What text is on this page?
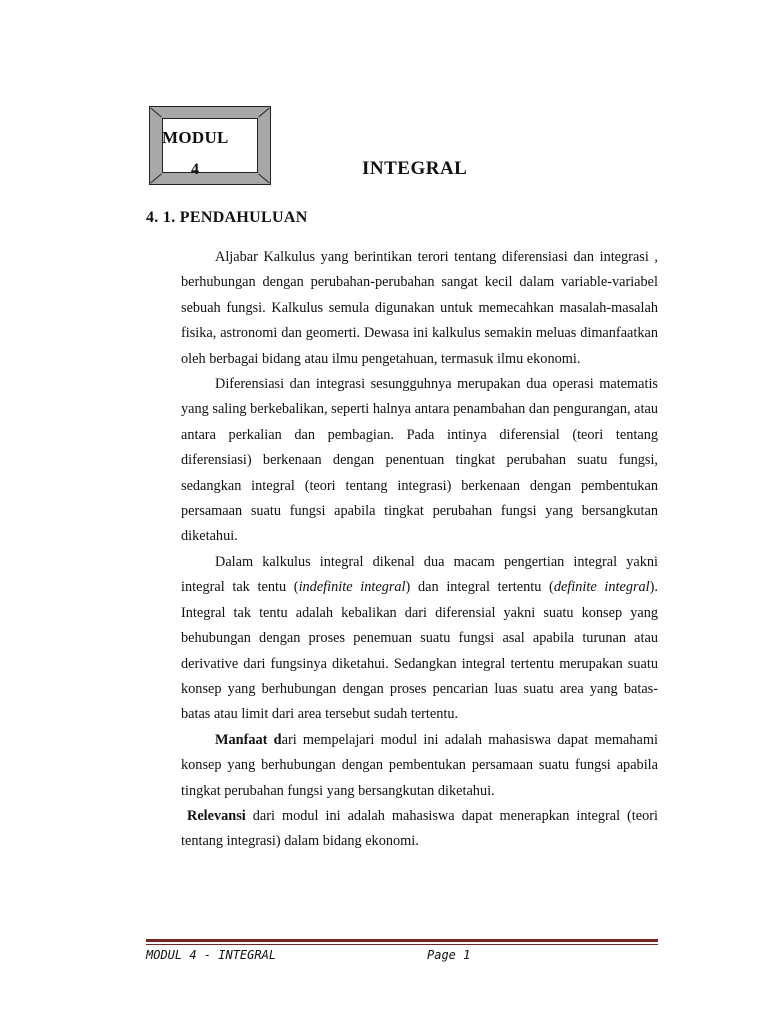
MODUL
4	INTEGRAL
4. 1. PENDAHULUAN

Aljabar Kalkulus yang berintikan terori tentang diferensiasi dan integrasi , berhubungan dengan perubahan-perubahan sangat kecil dalam variable-variabel sebuah fungsi. Kalkulus semula digunakan untuk memecahkan masalah-masalah fisika, astronomi dan geomerti. Dewasa ini kalkulus semakin meluas dimanfaatkan oleh berbagai bidang atau ilmu pengetahuan, termasuk ilmu ekonomi.

Diferensiasi dan integrasi sesungguhnya merupakan dua operasi matematis yang saling berkebalikan, seperti halnya antara penambahan dan pengurangan, atau antara perkalian dan pembagian. Pada intinya diferensial (teori tentang diferensiasi) berkenaan dengan penentuan tingkat perubahan suatu fungsi, sedangkan integral (teori tentang integrasi) berkenaan dengan pembentukan persamaan suatu fungsi apabila tingkat perubahan fungsi yang bersangkutan diketahui.

Dalam kalkulus integral dikenal dua macam pengertian integral yakni integral tak tentu (indefinite integral) dan integral tertentu (definite integral). Integral tak tentu adalah kebalikan dari diferensial yakni suatu konsep yang behubungan dengan proses penemuan suatu fungsi asal apabila turunan atau derivative dari fungsinya diketahui. Sedangkan integral tertentu merupakan suatu konsep yang berhubungan dengan proses pencarian luas suatu area yang batas-batas atau limit dari area tersebut sudah tertentu.

Manfaat dari mempelajari modul ini adalah mahasiswa dapat memahami konsep yang berhubungan dengan pembentukan persamaan suatu fungsi apabila tingkat perubahan fungsi yang bersangkutan diketahui.

Relevansi dari modul ini adalah mahasiswa dapat menerapkan integral (teori tentang integrasi) dalam bidang ekonomi.

MODUL 4 - INTEGRAL	Page 1
